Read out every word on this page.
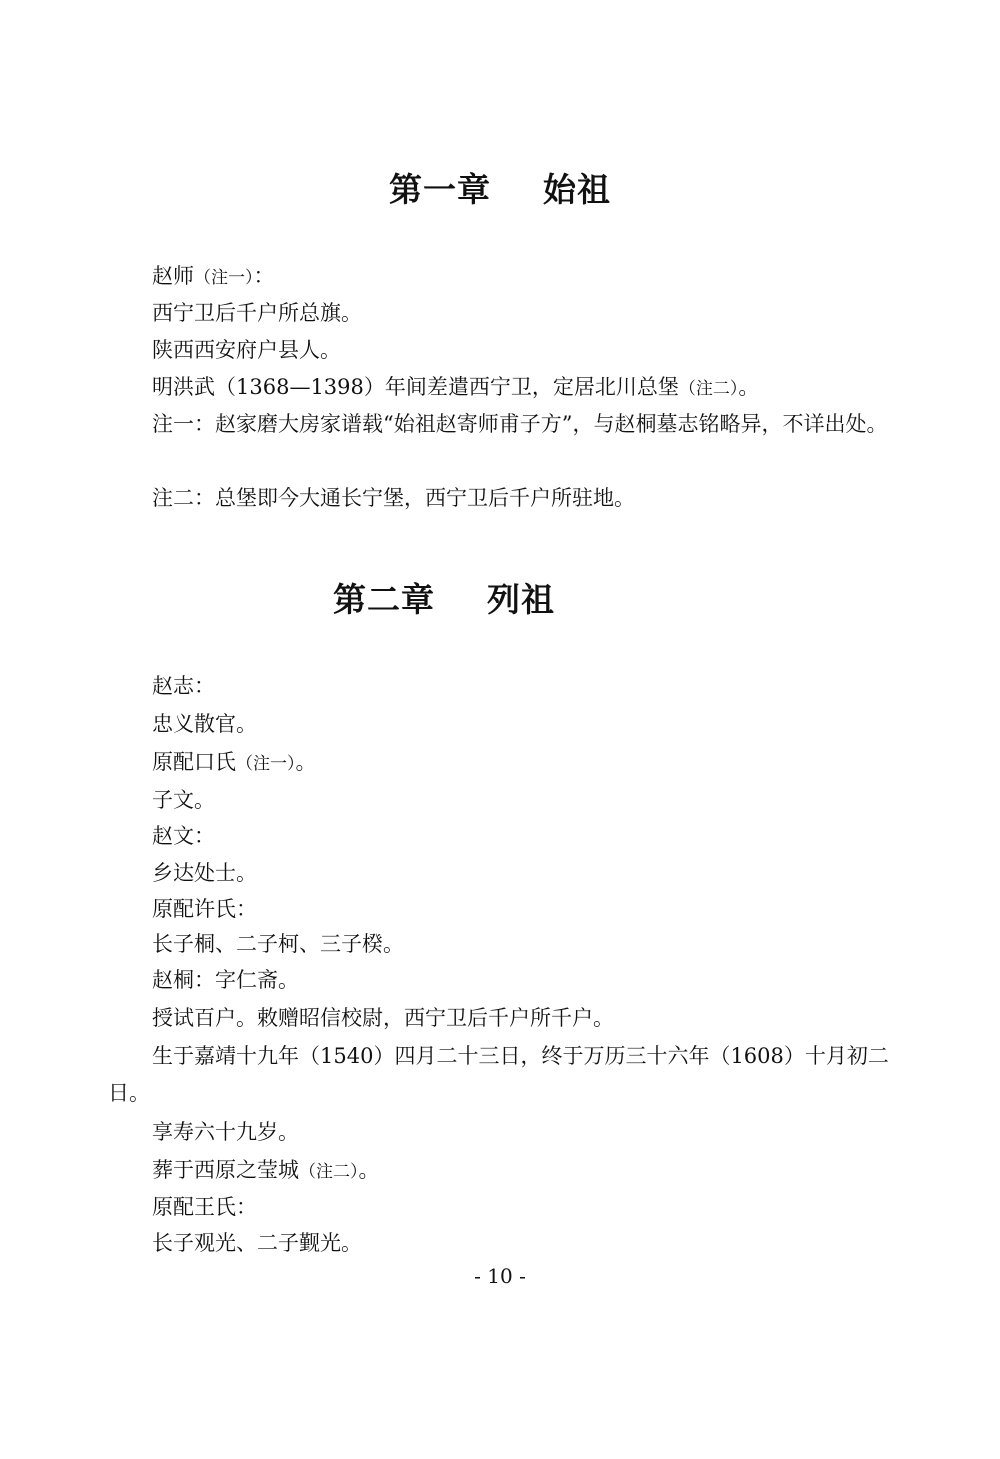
第一章 始祖
赵师（注一）：
西宁卫后千户所总旗。
陕西西安府户县人。
明洪武（1368—1398）年间差遣西宁卫，定居北川总堡（注二）。
注一：赵家磨大房家谱载“始祖赵寄师甫子方”，与赵桐墓志铭略异，不详出处。
注二：总堡即今大通长宁堡，西宁卫后千户所驻地。
第二章 列祖
赵志：
忠义散官。
原配口氏（注一）。
子文。
赵文：
乡达处士。
原配许氏：
长子桐、二子柯、三子楑。
赵桐：字仁斋。
授试百户。敕赠昭信校尉，西宁卫后千户所千户。
生于嘉靖十九年（1540）四月二十三日，终于万历三十六年（1608）十月初二日。
享寿六十九岁。
葬于西原之莹城（注二）。
原配王氏：
长子观光、二子觐光。
- 10 -
